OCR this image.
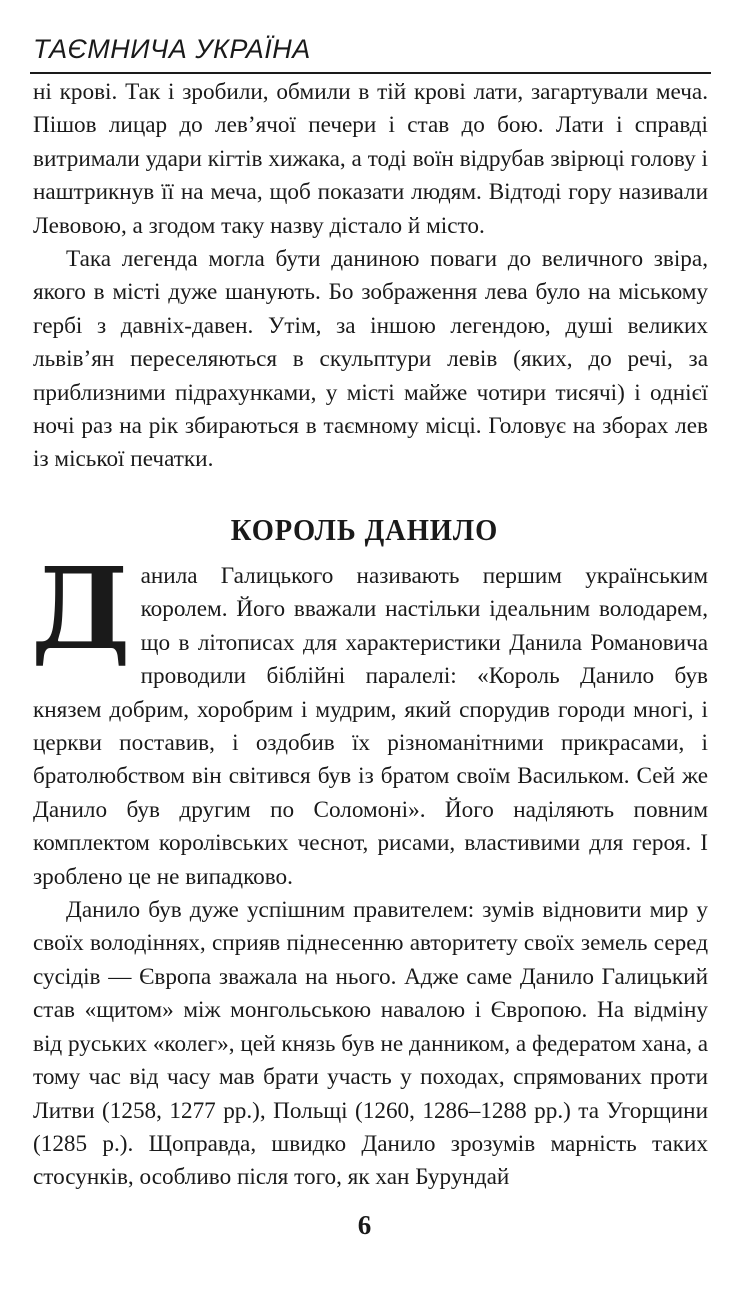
ТАЄМНИЧА УКРАЇНА

ні крові. Так і зробили, обмили в тій крові лати, загартували меча. Пішов лицар до лев’ячої печери і став до бою. Лати і справді витримали удари кігтів хижака, а тоді воїн відрубав звірюці голову і наштрикнув її на меча, щоб показати людям. Відтоді гору називали Левовою, а згодом таку назву дістало й місто.

Така легенда могла бути даниною поваги до величного звіра, якого в місті дуже шанують. Бо зображення лева було на міському гербі з давніх-давен. Утім, за іншою легендою, душі великих львів’ян переселяються в скульптури левів (яких, до речі, за приблизними підрахунками, у місті майже чотири тисячі) і однієї ночі раз на рік збираються в таємному місці. Головує на зборах лев із міської печатки.

КОРОЛЬ ДАНИЛО

Данила Галицького називають першим українським королем. Його вважали настільки ідеальним володарем, що в літописах для характеристики Данила Романовича проводили біблійні паралелі: «Король Данило був князем добрим, хоробрим і мудрим, який спорудив городи многі, і церкви поставив, і оздобив їх різноманітними прикрасами, і братолюбством він світився був із братом своїм Васильком. Сей же Данило був другим по Соломоні». Його наділяють повним комплектом королівських чеснот, рисами, властивими для героя. І зроблено це не випадково.

Данило був дуже успішним правителем: зумів відновити мир у своїх володіннях, сприяв піднесенню авторитету своїх земель серед сусідів — Європа зважала на нього. Адже саме Данило Галицький став «щитом» між монгольською навалою і Європою. На відміну від руських «колег», цей князь був не данником, а федератом хана, а тому час від часу мав брати участь у походах, спрямованих проти Литви (1258, 1277 рр.), Польщі (1260, 1286–1288 рр.) та Угорщини (1285 р.). Щоправда, швидко Данило зрозумів марність таких стосунків, особливо після того, як хан Бурундай

6
